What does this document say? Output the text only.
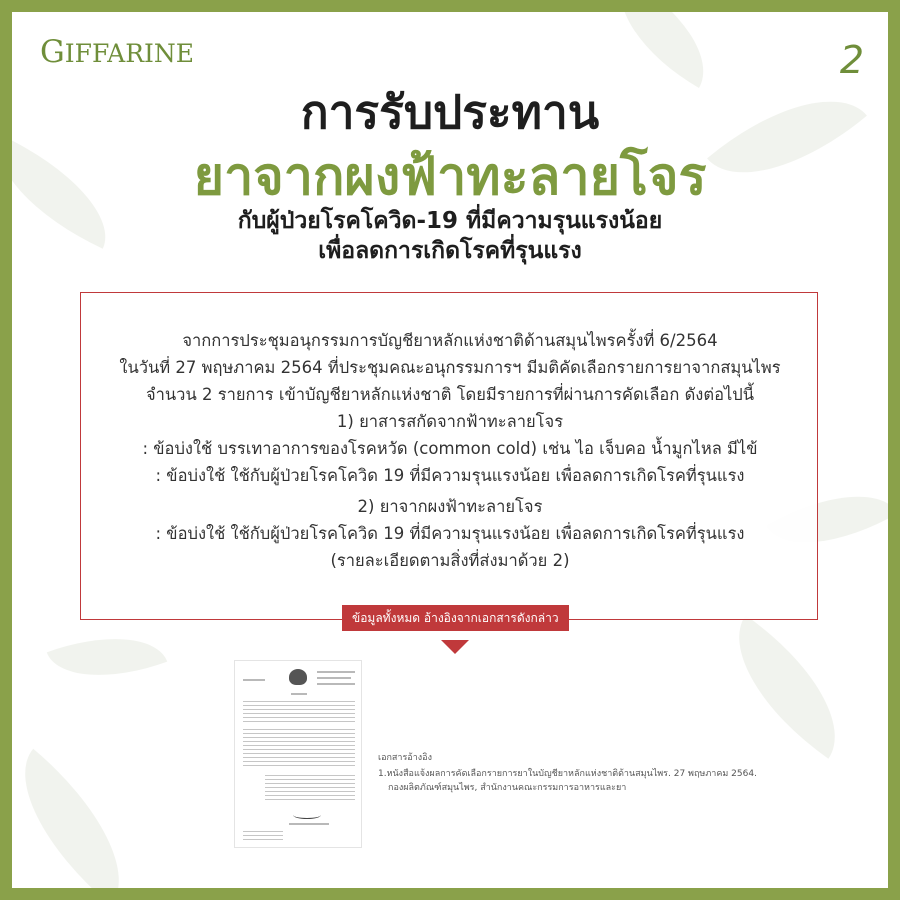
GIFFARINE	2
การรับประทาน
ยาจากผงฟ้าทะลายโจร
กับผู้ป่วยโรคโควิด-19 ที่มีความรุนแรงน้อย
เพื่อลดการเกิดโรคที่รุนแรง
จากการประชุมอนุกรรมการบัญชียาหลักแห่งชาติด้านสมุนไพรครั้งที่ 6/2564
ในวันที่ 27 พฤษภาคม 2564 ที่ประชุมคณะอนุกรรมการฯ มีมติคัดเลือกรายการยาจากสมุนไพร
จำนวน 2 รายการ เข้าบัญชียาหลักแห่งชาติ โดยมีรายการที่ผ่านการคัดเลือก ดังต่อไปนี้
1) ยาสารสกัดจากฟ้าทะลายโจร
: ข้อบ่งใช้ บรรเทาอาการของโรคหวัด (common cold) เช่น ไอ เจ็บคอ น้ำมูกไหล มีไข้
: ข้อบ่งใช้ ใช้กับผู้ป่วยโรคโควิด 19 ที่มีความรุนแรงน้อย เพื่อลดการเกิดโรคที่รุนแรง
2) ยาจากผงฟ้าทะลายโจร
: ข้อบ่งใช้ ใช้กับผู้ป่วยโรคโควิด 19 ที่มีความรุนแรงน้อย เพื่อลดการเกิดโรคที่รุนแรง
(รายละเอียดตามสิ่งที่ส่งมาด้วย 2)
ข้อมูลทั้งหมด อ้างอิงจากเอกสารดังกล่าว
เอกสารอ้างอิง
1.หนังสือแจ้งผลการคัดเลือกรายการยาในบัญชียาหลักแห่งชาติด้านสมุนไพร. 27 พฤษภาคม 2564.
กองผลิตภัณฑ์สมุนไพร, สำนักงานคณะกรรมการอาหารและยา
